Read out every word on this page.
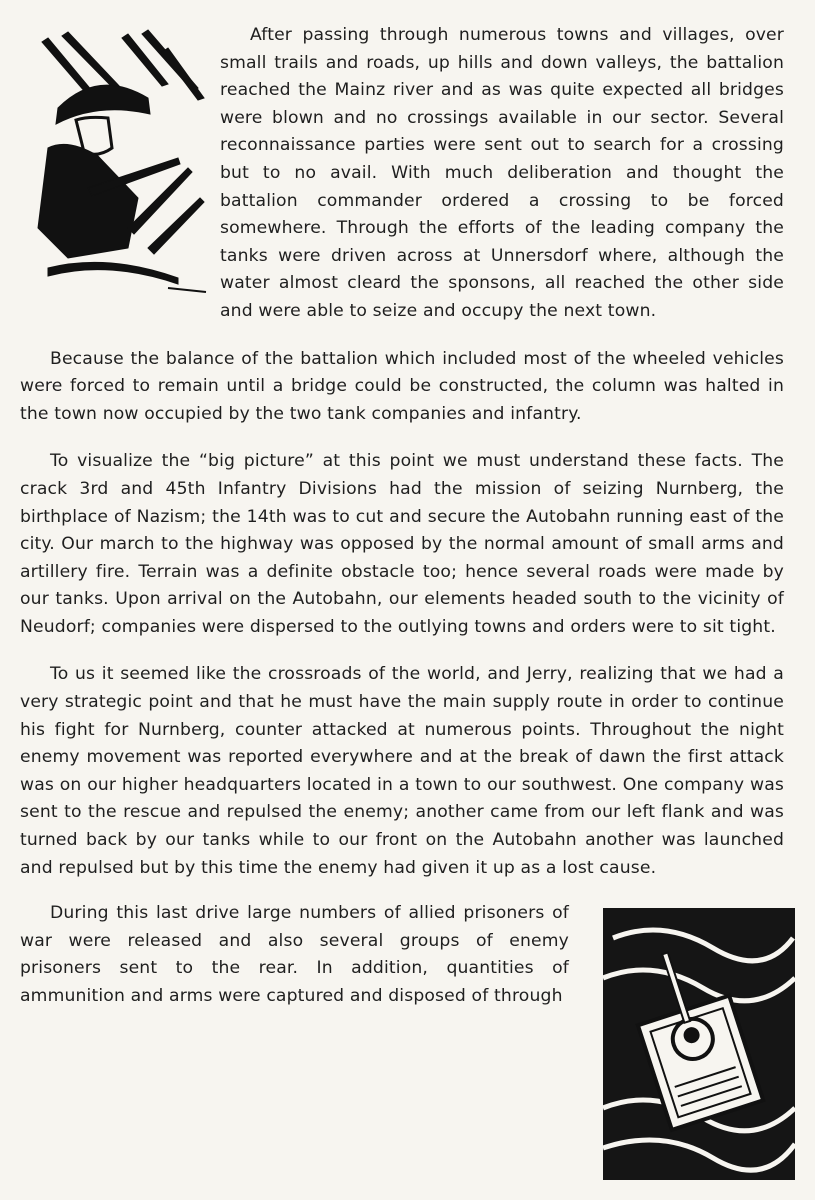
After passing through numerous towns and villages, over small trails and roads, up hills and down valleys, the battalion reached the Mainz river and as was quite expected all bridges were blown and no crossings available in our sector. Several reconnaissance parties were sent out to search for a crossing but to no avail. With much deliberation and thought the battalion commander ordered a crossing to be forced somewhere. Through the efforts of the leading company the tanks were driven across at Unnersdorf where, although the water almost cleard the sponsons, all reached the other side and were able to seize and occupy the next town.

Because the balance of the battalion which included most of the wheeled vehicles were forced to remain until a bridge could be constructed, the column was halted in the town now occupied by the two tank companies and infantry.

To visualize the “big picture” at this point we must understand these facts. The crack 3rd and 45th Infantry Divisions had the mission of seizing Nurnberg, the birthplace of Nazism; the 14th was to cut and secure the Autobahn running east of the city. Our march to the highway was opposed by the normal amount of small arms and artillery fire. Terrain was a definite obstacle too; hence several roads were made by our tanks. Upon arrival on the Autobahn, our elements headed south to the vicinity of Neudorf; companies were dispersed to the outlying towns and orders were to sit tight.

To us it seemed like the crossroads of the world, and Jerry, realizing that we had a very strategic point and that he must have the main supply route in order to continue his fight for Nurnberg, counter attacked at numerous points. Throughout the night enemy movement was reported everywhere and at the break of dawn the first attack was on our higher headquarters located in a town to our southwest. One company was sent to the rescue and repulsed the enemy; another came from our left flank and was turned back by our tanks while to our front on the Autobahn another was launched and repulsed but by this time the enemy had given it up as a lost cause.

During this last drive large numbers of allied prisoners of war were released and also several groups of enemy prisoners sent to the rear. In addition, quantities of ammunition and arms were captured and disposed of through
